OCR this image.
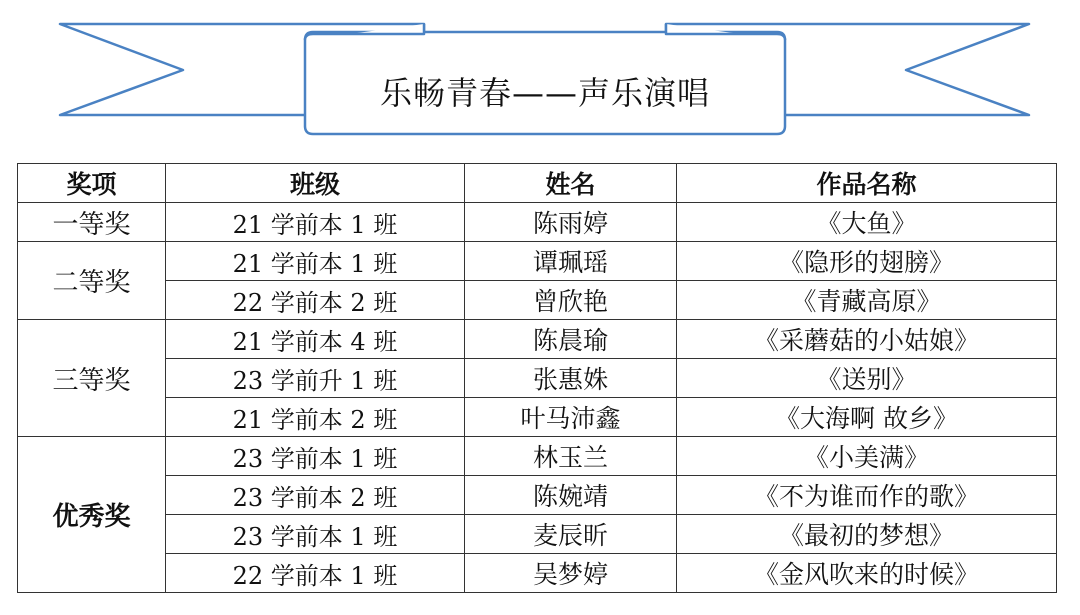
乐畅青春——声乐演唱
奖项	班级	姓名	作品名称
一等奖	21 学前本 1 班	陈雨婷	《大鱼》
二等奖	21 学前本 1 班	谭珮瑶	《隐形的翅膀》
	22 学前本 2 班	曾欣艳	《青藏高原》
三等奖	21 学前本 4 班	陈晨瑜	《采蘑菇的小姑娘》
	23 学前升 1 班	张惠姝	《送别》
	21 学前本 2 班	叶马沛鑫	《大海啊 故乡》
优秀奖	23 学前本 1 班	林玉兰	《小美满》
	23 学前本 2 班	陈婉靖	《不为谁而作的歌》
	23 学前本 1 班	麦辰昕	《最初的梦想》
	22 学前本 1 班	吴梦婷	《金风吹来的时候》
